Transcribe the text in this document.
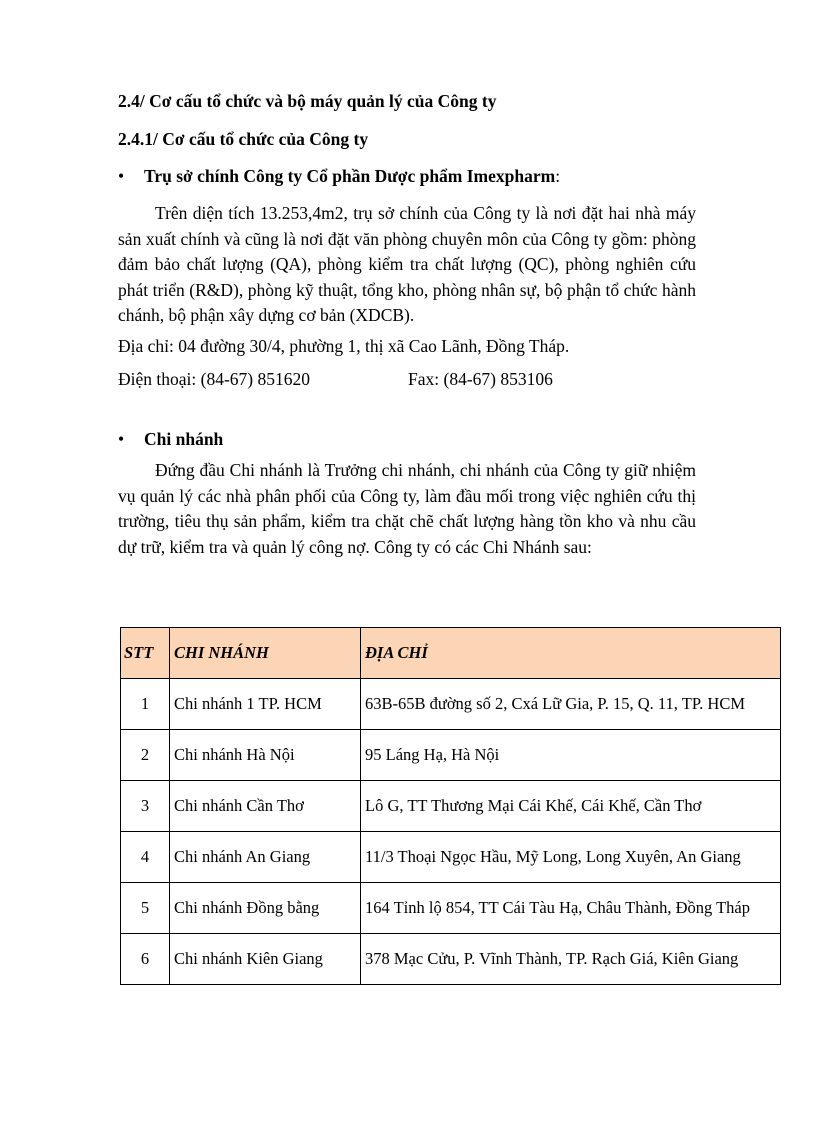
2.4/ Cơ cấu tổ chức và bộ máy quản lý của Công ty
2.4.1/ Cơ cấu tổ chức của Công ty
• Trụ sở chính Công ty Cổ phần Dược phẩm Imexpharm:
Trên diện tích 13.253,4m2, trụ sở chính của Công ty là nơi đặt hai nhà máy sản xuất chính và cũng là nơi đặt văn phòng chuyên môn của Công ty gồm: phòng đảm bảo chất lượng (QA), phòng kiểm tra chất lượng (QC), phòng nghiên cứu phát triển (R&D), phòng kỹ thuật, tổng kho, phòng nhân sự, bộ phận tổ chức hành chánh, bộ phận xây dựng cơ bản (XDCB).
Địa chỉ: 04 đường 30/4, phường 1, thị xã Cao Lãnh, Đồng Tháp.
Điện thoại: (84-67) 851620	Fax: (84-67) 853106
• Chi nhánh
Đứng đầu Chi nhánh là Trưởng chi nhánh, chi nhánh của Công ty giữ nhiệm vụ quản lý các nhà phân phối của Công ty, làm đầu mối trong việc nghiên cứu thị trường, tiêu thụ sản phẩm, kiểm tra chặt chẽ chất lượng hàng tồn kho và nhu cầu dự trữ, kiểm tra và quản lý công nợ. Công ty có các Chi Nhánh sau:
STT	CHI NHÁNH	ĐỊA CHỈ
1	Chi nhánh 1 TP. HCM	63B-65B đường số 2, Cxá Lữ Gia, P. 15, Q. 11, TP. HCM
2	Chi nhánh Hà Nội	95 Láng Hạ, Hà Nội
3	Chi nhánh Cần Thơ	Lô G, TT Thương Mại Cái Khế, Cái Khế, Cần Thơ
4	Chi nhánh An Giang	11/3 Thoại Ngọc Hầu, Mỹ Long, Long Xuyên, An Giang
5	Chi nhánh Đồng bằng	164 Tỉnh lộ 854, TT Cái Tàu Hạ, Châu Thành, Đồng Tháp
6	Chi nhánh Kiên Giang	378 Mạc Cửu, P. Vĩnh Thành, TP. Rạch Giá, Kiên Giang
